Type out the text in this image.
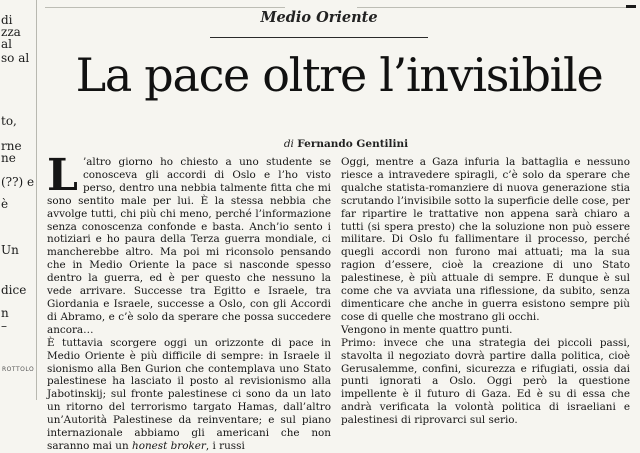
di
zza
al
so al
to,
rne
ne
(??) e
è
Un
dice
n
–
ROTTOLO
Medio Oriente
La pace oltre l’invisibile
di Fernando Gentilini

L ’altro giorno ho chiesto a uno studente se conosceva gli accordi di Oslo e l’ho visto perso, dentro una nebbia talmente fitta che mi sono sentito male per lui. È la stessa nebbia che avvolge tutti, chi più chi meno, perché l’informazione senza conoscenza confonde e basta. Anch’io sento i notiziari e ho paura della Terza guerra mondiale, ci mancherebbe altro. Ma poi mi riconsolo pensando che in Medio Oriente la pace si nasconde spesso dentro la guerra, ed è per questo che nessuno la vede arrivare. Successe tra Egitto e Israele, tra Giordania e Israele, successe a Oslo, con gli Accordi di Abramo, e c’è solo da sperare che possa succedere ancora…

È tuttavia scorgere oggi un orizzonte di pace in Medio Oriente è più difficile di sempre: in Israele il sionismo alla Ben Gurion che contemplava uno Stato palestinese ha lasciato il posto al revisionismo alla Jabotinskij; sul fronte palestinese ci sono da un lato un ritorno del terrorismo targato Hamas, dall’altro un’Autorità Palestinese da reinventare; e sul piano internazionale abbiamo gli americani che non saranno mai un honest broker, i russi

Oggi, mentre a Gaza infuria la battaglia e nessuno riesce a intravedere spiragli, c’è solo da sperare che qualche statista-romanziere di nuova generazione stia scrutando l’invisibile sotto la superficie delle cose, per far ripartire le trattative non appena sarà chiaro a tutti (si spera presto) che la soluzione non può essere militare. Di Oslo fu fallimentare il processo, perché quegli accordi non furono mai attuati; ma la sua ragion d’essere, cioè la creazione di uno Stato palestinese, è più attuale di sempre. E dunque è sul come che va avviata una riflessione, da subito, senza dimenticare che anche in guerra esistono sempre più cose di quelle che mostrano gli occhi.

Vengono in mente quattro punti.

Primo: invece che una strategia dei piccoli passi, stavolta il negoziato dovrà partire dalla politica, cioè Gerusalemme, confini, sicurezza e rifugiati, ossia dai punti ignorati a Oslo. Oggi però la questione impellente è il futuro di Gaza. Ed è su di essa che andrà verificata la volontà politica di israeliani e palestinesi di riprovarci sul serio.
